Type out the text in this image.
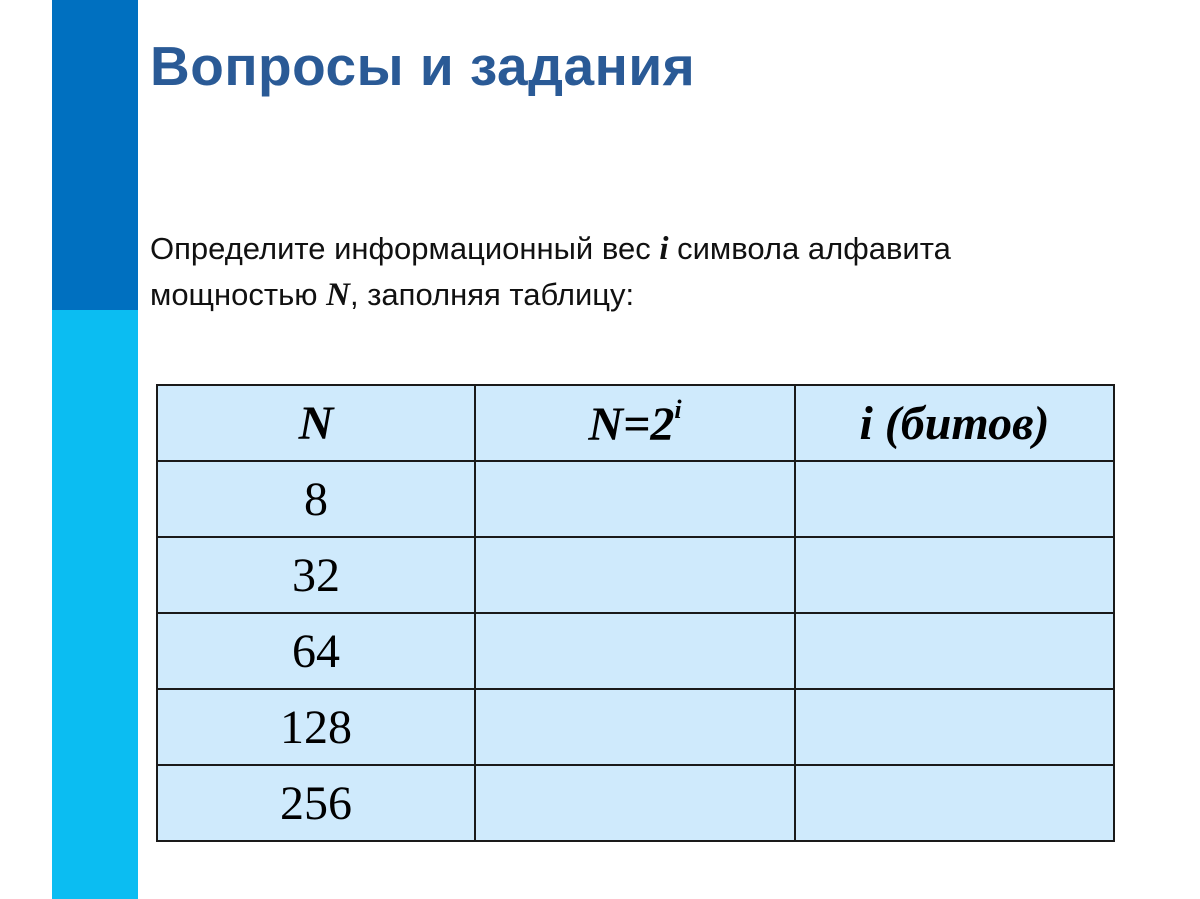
Вопросы и задания

Определите информационный вес i символа алфавита
мощностью N, заполняя таблицу:

N	$N=2^i$	i (битов)
8		
32		
64		
128		
256		
